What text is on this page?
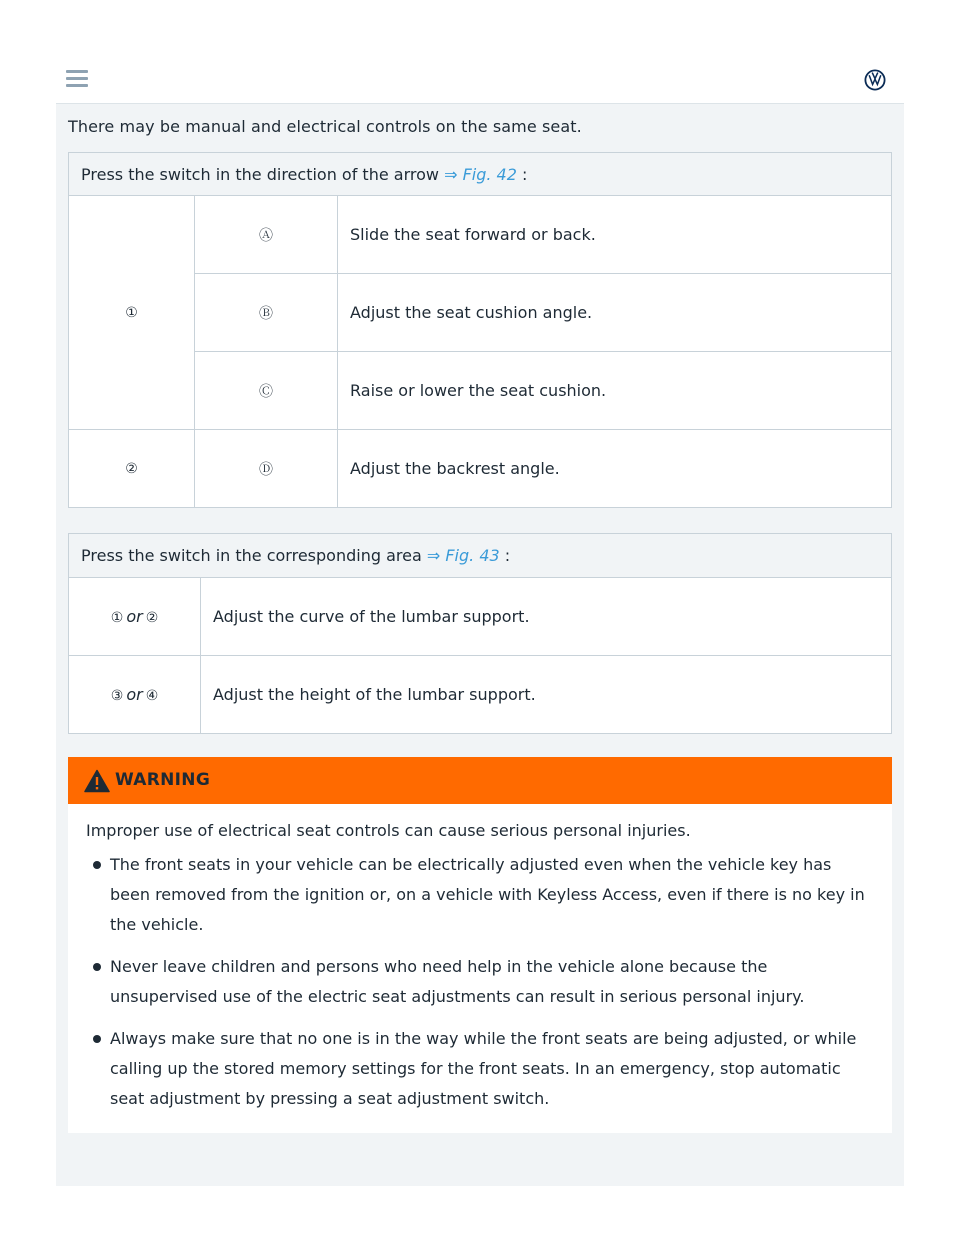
There may be manual and electrical controls on the same seat.

Press the switch in the direction of the arrow ⇒ Fig. 42 :		
①	Ⓐ	Slide the seat forward or back.
	Ⓑ	Adjust the seat cushion angle.
	Ⓒ	Raise or lower the seat cushion.
②	Ⓓ	Adjust the backrest angle.
Press the switch in the corresponding area ⇒ Fig. 43 :	
① or ②	Adjust the curve of the lumbar support.
③ or ④	Adjust the height of the lumbar support.
WARNING

Improper use of electrical seat controls can cause serious personal injuries.

The front seats in your vehicle can be electrically adjusted even when the vehicle key has been removed from the ignition or, on a vehicle with Keyless Access, even if there is no key in the vehicle.
Never leave children and persons who need help in the vehicle alone because the unsupervised use of the electric seat adjustments can result in serious personal injury.
Always make sure that no one is in the way while the front seats are being adjusted, or while calling up the stored memory settings for the front seats. In an emergency, stop automatic seat adjustment by pressing a seat adjustment switch.
